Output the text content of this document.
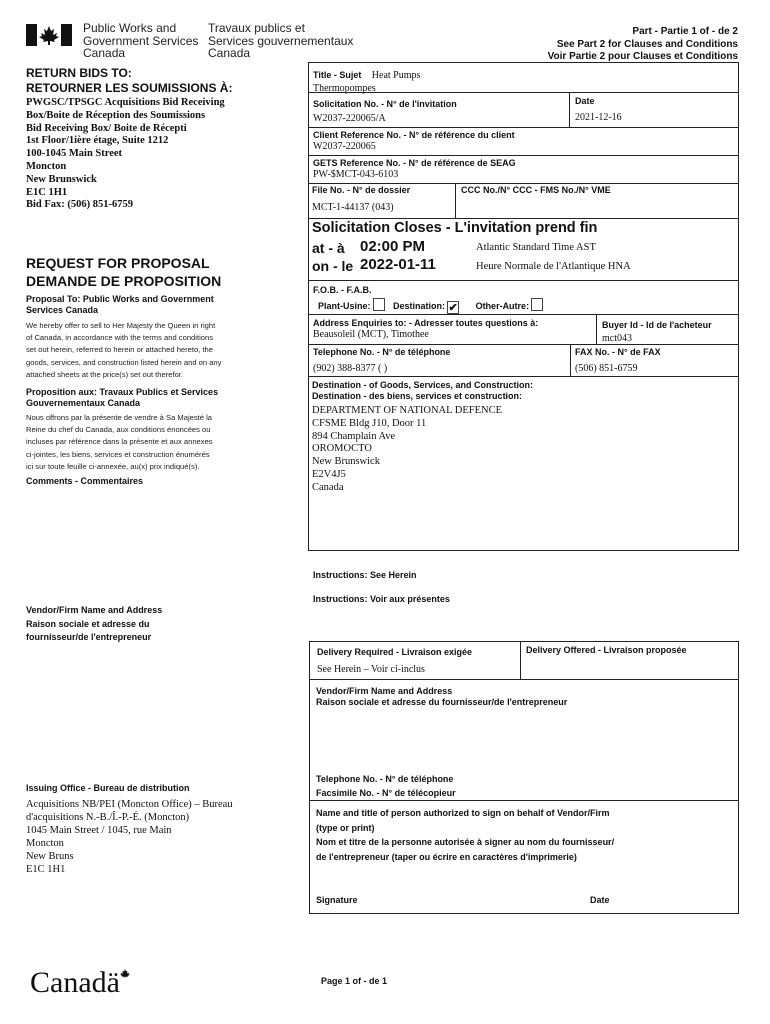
Public Works and
Government Services
Canada
Travaux publics et
Services gouvernementaux
Canada
Part - Partie 1 of - de 2
See Part 2 for Clauses and Conditions
Voir Partie 2 pour Clauses et Conditions
RETURN BIDS TO:
RETOURNER LES SOUMISSIONS À:
PWGSC/TPSGC Acquisitions Bid Receiving
Box/Boite de Réception des Soumissions
Bid Receiving Box/ Boite de Récepti
1st Floor/1ière étage, Suite 1212
100-1045 Main Street
Moncton
New Brunswick
E1C 1H1
Bid Fax: (506) 851-6759
REQUEST FOR PROPOSAL
DEMANDE DE PROPOSITION
Proposal To: Public Works and Government
Services Canada
We hereby offer to sell to Her Majesty the Queen in right
of Canada, in accordance with the terms and conditions
set out herein, referred to herein or attached hereto, the
goods, services, and construction listed herein and on any
attached sheets at the price(s) set out therefor.
Proposition aux: Travaux Publics et Services
Gouvernementaux Canada
Nous offrons par la présente de vendre à Sa Majesté la
Reine du chef du Canada, aux conditions énoncées ou
incluses par référence dans la présente et aux annexes
ci-jointes, les biens, services et construction énumérés
ici sur toute feuille ci-annexée, au(x) prix indiqué(s).
Comments - Commentaires
Vendor/Firm Name and Address
Raison sociale et adresse du
fournisseur/de l'entrepreneur
Issuing Office - Bureau de distribution
Acquisitions NB/PEI (Moncton Office) – Bureau
d'acquisitions N.-B./Î.-P.-É. (Moncton)
1045 Main Street / 1045, rue Main
Moncton
New Bruns
E1C 1H1
Title - Sujet Heat Pumps
Thermopompes
Solicitation No. - N° de l'invitation
W2037-220065/A
Date
2021-12-16
Client Reference No. - N° de référence du client
W2037-220065
GETS Reference No. - N° de référence de SEAG
PW-$MCT-043-6103
File No. - N° de dossier
MCT-1-44137 (043)
CCC No./N° CCC - FMS No./N° VME
Solicitation Closes - L'invitation prend fin
at - à 02:00 PM
on - le 2022-01-11
Atlantic Standard Time AST
Heure Normale de l'Atlantique HNA
F.O.B. - F.A.B.
Plant-Usine:	Destination: ✔ Other-Autre:
Address Enquiries to: - Adresser toutes questions à:
Beausoleil (MCT), Timothee
Buyer Id - Id de l'acheteur
mct043
Telephone No. - N° de téléphone
(902) 388-8377 ( )
FAX No. - N° de FAX
(506) 851-6759
Destination - of Goods, Services, and Construction:
Destination - des biens, services et construction:
DEPARTMENT OF NATIONAL DEFENCE
CFSME Bldg J10, Door 11
894 Champlain Ave
OROMOCTO
New Brunswick
E2V4J5
Canada
Instructions: See Herein
Instructions: Voir aux présentes
Delivery Required - Livraison exigée
See Herein – Voir ci-inclus
Delivery Offered - Livraison proposée
Vendor/Firm Name and Address
Raison sociale et adresse du fournisseur/de l'entrepreneur
Telephone No. - N° de téléphone
Facsimile No. - N° de télécopieur
Name and title of person authorized to sign on behalf of Vendor/Firm
(type or print)
Nom et titre de la personne autorisée à signer au nom du fournisseur/
de l'entrepreneur (taper ou écrire en caractères d'imprimerie)
Signature	Date
Canadä	Page 1 of - de 1
